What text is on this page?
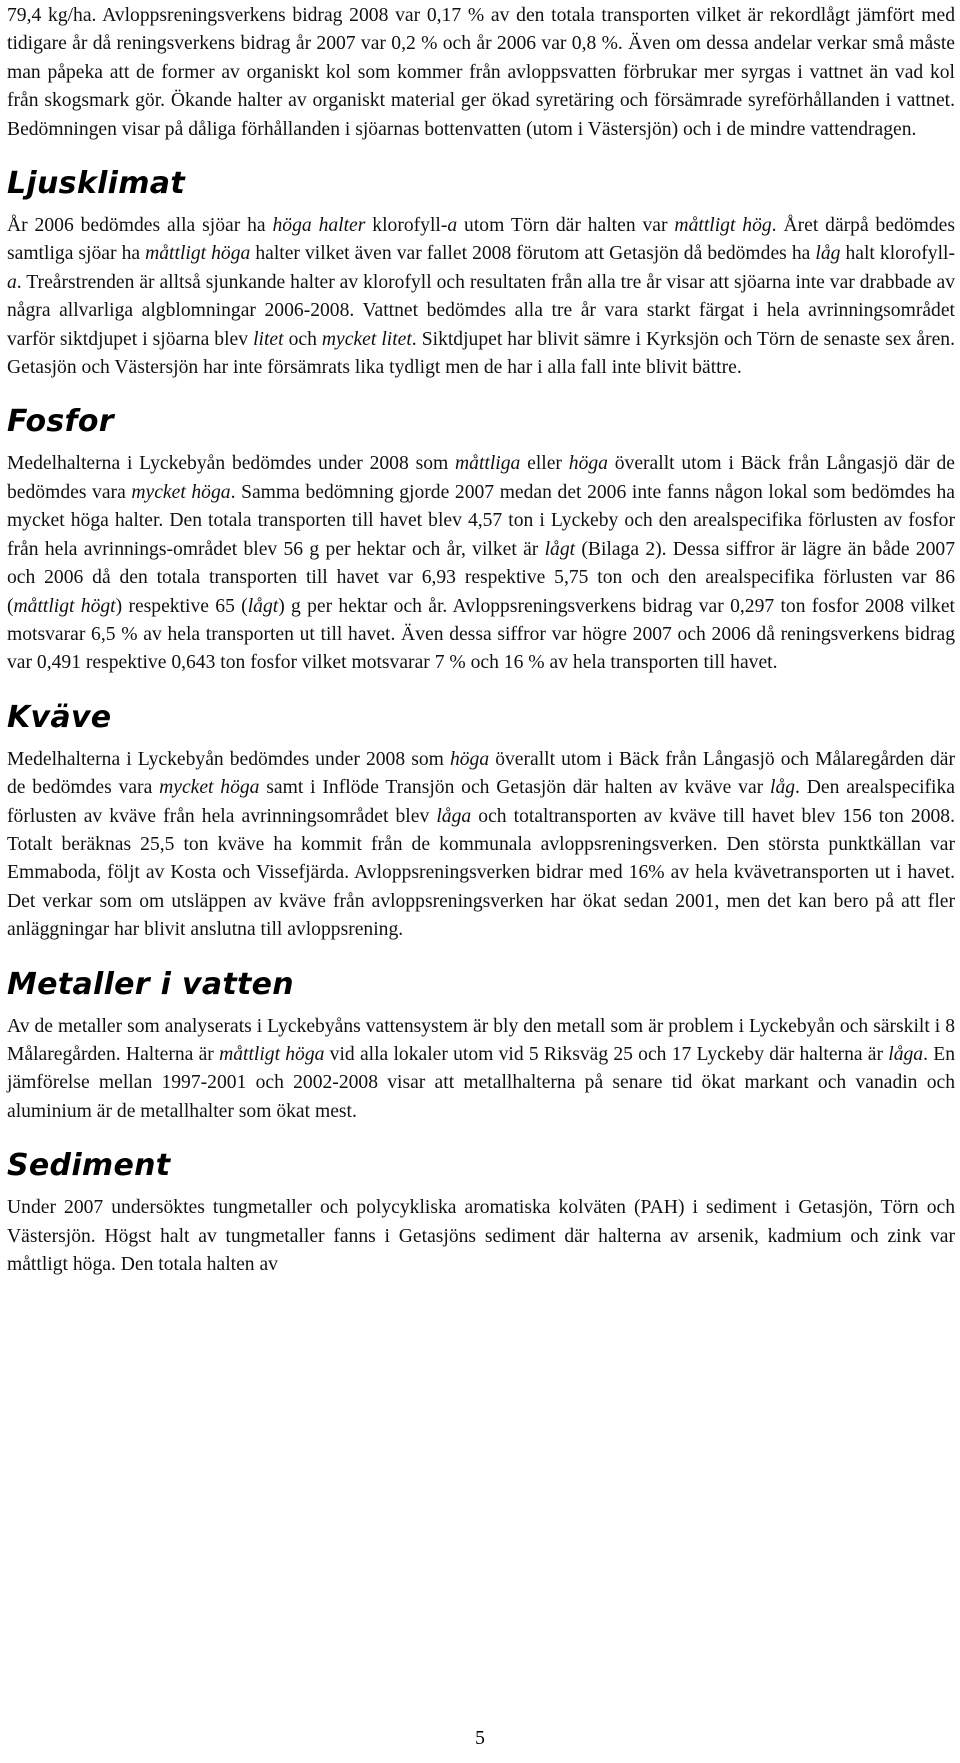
79,4 kg/ha. Avloppsreningsverkens bidrag 2008 var 0,17 % av den totala transporten vilket är rekordlågt jämfört med tidigare år då reningsverkens bidrag år 2007 var 0,2 % och år 2006 var 0,8 %. Även om dessa andelar verkar små måste man påpeka att de former av organiskt kol som kommer från avloppsvatten förbrukar mer syrgas i vattnet än vad kol från skogsmark gör. Ökande halter av organiskt material ger ökad syretäring och försämrade syreförhållanden i vattnet. Bedömningen visar på dåliga förhållanden i sjöarnas bottenvatten (utom i Västersjön) och i de mindre vattendragen.

Ljusklimat

År 2006 bedömdes alla sjöar ha höga halter klorofyll-a utom Törn där halten var måttligt hög. Året därpå bedömdes samtliga sjöar ha måttligt höga halter vilket även var fallet 2008 förutom att Getasjön då bedömdes ha låg halt klorofyll-a. Treårstrenden är alltså sjunkande halter av klorofyll och resultaten från alla tre år visar att sjöarna inte var drabbade av några allvarliga algblomningar 2006-2008. Vattnet bedömdes alla tre år vara starkt färgat i hela avrinningsområdet varför siktdjupet i sjöarna blev litet och mycket litet. Siktdjupet har blivit sämre i Kyrksjön och Törn de senaste sex åren. Getasjön och Västersjön har inte försämrats lika tydligt men de har i alla fall inte blivit bättre.

Fosfor

Medelhalterna i Lyckebyån bedömdes under 2008 som måttliga eller höga överallt utom i Bäck från Långasjö där de bedömdes vara mycket höga. Samma bedömning gjorde 2007 medan det 2006 inte fanns någon lokal som bedömdes ha mycket höga halter. Den totala transporten till havet blev 4,57 ton i Lyckeby och den arealspecifika förlusten av fosfor från hela avrinnings-området blev 56 g per hektar och år, vilket är lågt (Bilaga 2). Dessa siffror är lägre än både 2007 och 2006 då den totala transporten till havet var 6,93 respektive 5,75 ton och den arealspecifika förlusten var 86 (måttligt högt) respektive 65 (lågt) g per hektar och år. Avloppsreningsverkens bidrag var 0,297 ton fosfor 2008 vilket motsvarar 6,5 % av hela transporten ut till havet. Även dessa siffror var högre 2007 och 2006 då reningsverkens bidrag var 0,491 respektive 0,643 ton fosfor vilket motsvarar 7 % och 16 % av hela transporten till havet.

Kväve

Medelhalterna i Lyckebyån bedömdes under 2008 som höga överallt utom i Bäck från Långasjö och Målaregården där de bedömdes vara mycket höga samt i Inflöde Transjön och Getasjön där halten av kväve var låg. Den arealspecifika förlusten av kväve från hela avrinningsområdet blev låga och totaltransporten av kväve till havet blev 156 ton 2008. Totalt beräknas 25,5 ton kväve ha kommit från de kommunala avloppsreningsverken. Den största punktkällan var Emmaboda, följt av Kosta och Vissefjärda. Avloppsreningsverken bidrar med 16% av hela kvävetransporten ut i havet. Det verkar som om utsläppen av kväve från avloppsreningsverken har ökat sedan 2001, men det kan bero på att fler anläggningar har blivit anslutna till avloppsrening.

Metaller i vatten

Av de metaller som analyserats i Lyckebyåns vattensystem är bly den metall som är problem i Lyckebyån och särskilt i 8 Målaregården. Halterna är måttligt höga vid alla lokaler utom vid 5 Riksväg 25 och 17 Lyckeby där halterna är låga. En jämförelse mellan 1997-2001 och 2002-2008 visar att metallhalterna på senare tid ökat markant och vanadin och aluminium är de metallhalter som ökat mest.

Sediment

Under 2007 undersöktes tungmetaller och polycykliska aromatiska kolväten (PAH) i sediment i Getasjön, Törn och Västersjön. Högst halt av tungmetaller fanns i Getasjöns sediment där halterna av arsenik, kadmium och zink var måttligt höga. Den totala halten av

5
